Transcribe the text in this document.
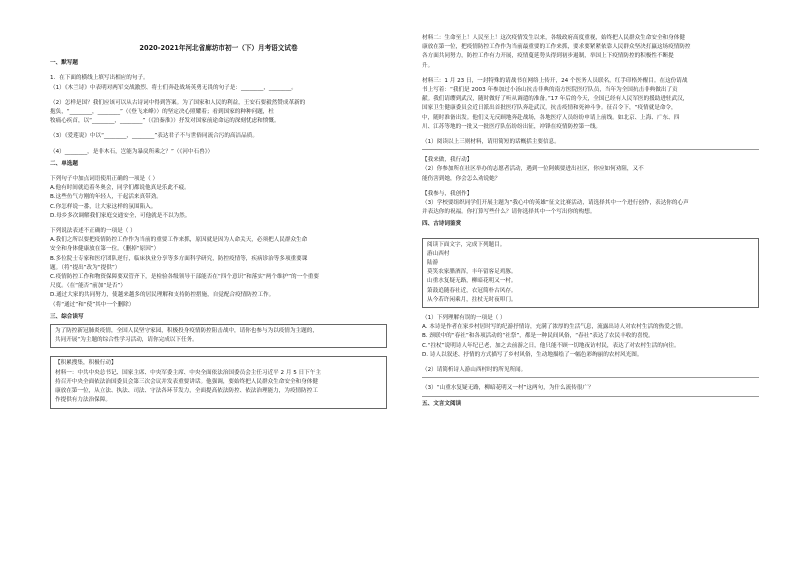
2020-2021年河北省廊坊市初一（下）月考语文试卷
一、默写题

1．在下面的横线上填写出相应的句子。

（1）《木兰诗》中表明对两军交战激烈、将士们奔赴战场英勇无畏的句子是：________，________。

（2）怎样是国？我们应该可以从古诗词中得到答案。为了国家和人民的利益，王安石要毅然赞成革新的

抱负，“________，________”（《登飞来峰》）的坚定决心照耀着；看到国家的种种问题，杜

牧痛心疾首，以“________，________”（《泊秦淮》）抒发对国家前途命运的深刻忧虑和愤慨。

（3）《爱莲说》中以“________，________”表达君子不与世俗同流合污的高洁品质。

（4）________，是非木石，岂能为暴戾所乘之？”（《河中石兽》）

二、单选题

下列句子中加点词语使用正确的一项是（ ）

A.他有时间就追着冬奥会，同学们都说他真是乐此不疲。

B.这些鱼气方刚的年轻人，干起活来真带劲。

C.你怎样说一番，让大家这样的氛围陷入。

D.母乡多次调解我们家庭交通安全，可他就是不以为然。

下列说法表述不正确的一项是（ ）

A.我们之所以要把疫情防控工作作为当前的重要工作来抓，原因就是因为人命关天，必须把人民群众生命

安全和身体健康放在第一位。（删掉“原因”）

B.多位院士专家和医疗团队逆行，临床执业分享等多方面科学研究，防控疫情等，疾病诊治等多项重要课

题。（将“提出”改为“提供”）

C.疫情防控工作和物资保障要双管齐下，是检验各级领导干部能否在“四个意识”和落实“两个维护”的一个重要

尺度。（在“能否”前加“是否”）

D.通过大家的共同努力，使越来越多的居民理解和支持防控措施，自觉配合疫情防控工作。

（将“通过”和“使”其中一个删除）

三、综合读写

为了防控新冠肺炎疫情，全国人民坚守家园，积极投身疫情防控阻击战中，请你也参与为以疫情为主题的，

共同开展“为主题的综合性学习活动，请你完成以下任务。

【积累搜集，积极行动】

材料一：中共中央总书记、国家主席、中央军委主席、中央全面依法治国委员会主任习近平 2 月 5 日下午主

持召开中央全面依法治国委员会第三次会议并发表重要讲话。他强调，要始终把人民群众生命安全和身体健

康放在第一位，从立法、执法、司法、守法各环节发力，全面提高依法防控、依法治理能力，为疫情防控工

作提供有力法治保障。

材料二：生命至上！人民至上！这次疫情发生以来，各级政府高度重视，始终把人民群众生命安全和身体健

康放在第一位，把疫情防控工作作为当前最重要的工作来抓，要求要紧紧依靠人民群众坚决打赢这场疫情防控

各方面共同努力，防控工作有力开展，疫情蔓延势头得到初步遏制，举国上下疫情防控的积极性不断提

升。

材料三：1 月 23 日，一封特殊的请战书在网络上传开，24 个医务人员联名，红手印格外醒目。在这份请战

书上写着：“我们是 2003 年参加过小汤山抗击非典的南方医院医疗队员，当年为全国抗击非典做出了贡

献。我们请缨到武汉，随时做好了听从调遣的准备。”17 年后的今天，全国已经有人民军医的援助进驻武汉，

国家卫生健康委员会近日派出首批医疗队奔赴武汉，抗击疫情和死神斗争。征召令下，“疫情就是命令，

中，随时准备出发。他们义无反顾地奔赴战场，各地医疗人员纷纷申请上前线。如北京、上海、广东、四

川、江苏等地的一批又一批医疗队伍纷纷出征，冲锋在疫情防控第一线。

（1）阅读以上三则材料，请用简短的话概括主要信息。

【我来做，我行动】

（2）你参加所在社区举办的志愿者活动，遇到一位阿姨要进出社区，你应如何劝阻，又不

能伤害到她，你会怎么劝说她？

【我参与，我创作】

（3）学校要组织同学们开展主题为“我心中的英雄”征文比赛活动，请选择其中一个进行创作，表达你的心声

并表达你的祝福。你打算写些什么？请你选择其中一个写出你的构想。

四、古诗词鉴赏

阅读下面文字，完成下列题目。

游山西村

陆游

莫笑农家腊酒浑，丰年留客足鸡豚。

山重水复疑无路，柳暗花明又一村。

箫鼓追随春社近，衣冠简朴古风存。

从今若许闲乘月，拄杖无时夜叩门。

（1）下列理解有误的一项是（ ）

A. 本诗是作者在家乡村居时写的纪游抒情诗，充满了浓厚的生活气息，流露出诗人对农村生活的热爱之情。

B. 颈联中的“春社”和各项活动的“社祭”，都是一种民间风俗，“春社”表达了农民丰收的喜悦。

C.“拄杖”说明诗人年纪已老，加之去前游之日，他只能不顾一切地夜访村民，表达了对农村生活的向往。

D. 诗人以叙述、抒情的方式描写了乡村风俗，生动地描绘了一幅色彩绚丽的农村风光图。

（2）请简析诗人游山西村时的所见所闻。

（3）“山重水复疑无路，柳暗花明又一村”这两句，为什么流传很广？

五、文言文阅读
